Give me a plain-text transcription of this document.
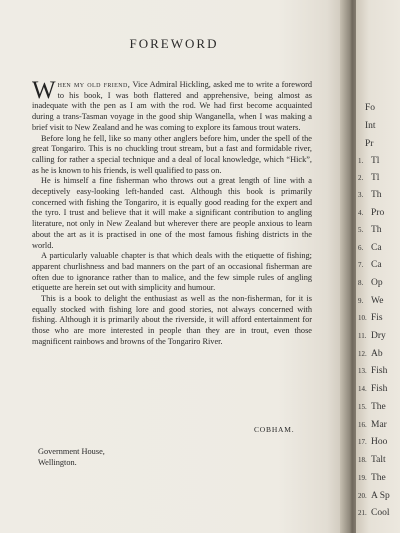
FOREWORD

When my old friend, Vice Admiral Hickling, asked me to write a foreword to his book, I was both flattered and apprehensive, being almost as inadequate with the pen as I am with the rod. We had first become acquainted during a trans-Tasman voyage in the good ship Wanganella, when I was making a brief visit to New Zealand and he was coming to explore its famous trout waters.

Before long he fell, like so many other anglers before him, under the spell of the great Tongariro. This is no chuckling trout stream, but a fast and formidable river, calling for rather a special technique and a deal of local knowledge, which “Hick”, as he is known to his friends, is well qualified to pass on.

He is himself a fine fisherman who throws out a great length of line with a deceptively easy-looking left-handed cast. Although this book is primarily concerned with fishing the Tongariro, it is equally good reading for the expert and the tyro. I trust and believe that it will make a significant contribution to angling literature, not only in New Zealand but wherever there are people anxious to learn about the art as it is practised in one of the most famous fishing districts in the world.

A particularly valuable chapter is that which deals with the etiquette of fishing; apparent churlishness and bad manners on the part of an occasional fisherman are often due to ignorance rather than to malice, and the few simple rules of angling etiquette are herein set out with simplicity and humour.

This is a book to delight the enthusiast as well as the non-fisherman, for it is equally stocked with fishing lore and good stories, not always concerned with fishing. Although it is primarily about the riverside, it will afford entertainment for those who are more interested in people than they are in trout, even those magnificent rainbows and browns of the Tongariro River.

COBHAM.
Government House,
Wellington.
Fo
Int
Pr
1. Tl
2. Tl
3. Th
4. Pro
5. Th
6. Ca
7. Ca
8. Op
9. We
10. Fis
11. Dry
12. Ab
13. Fish
14. Fish
15. The
16. Mar
17. Hoo
18. Talt
19. The
20. A Sp
21. Cool
